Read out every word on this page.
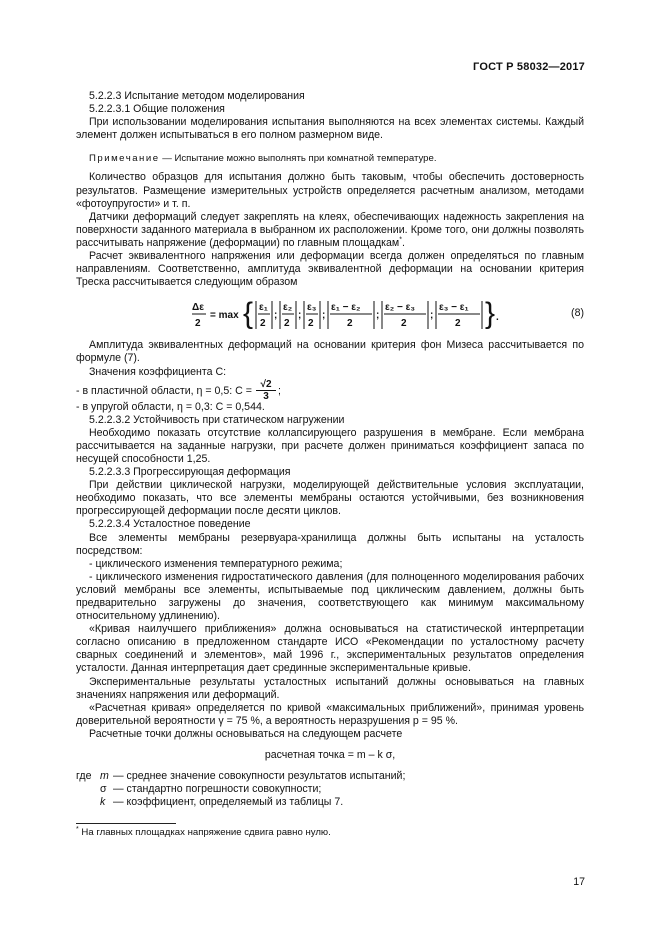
ГОСТ Р 58032—2017

5.2.2.3 Испытание методом моделирования

5.2.2.3.1 Общие положения

При использовании моделирования испытания выполняются на всех элементах системы. Каждый элемент должен испытываться в его полном размерном виде.

Примечание — Испытание можно выполнять при комнатной температуре.

Количество образцов для испытания должно быть таковым, чтобы обеспечить достоверность результатов. Размещение измерительных устройств определяется расчетным анализом, методами «фотоупругости» и т. п.

Датчики деформаций следует закреплять на клеях, обеспечивающих надежность закрепления на поверхности заданного материала в выбранном их расположении. Кроме того, они должны позволять рассчитывать напряжение (деформации) по главным площадкам*.

Расчет эквивалентного напряжения или деформации всегда должен определяться по главным направлениям. Соответственно, амплитуда эквивалентной деформации на основании критерия Треска рассчитывается следующим образом

Δε
2
= max { ε₁
2
;
ε₂
2
;
ε₃
2
;
ε₁ − ε₂
2
;
ε₂ − ε₃
2
;
ε₃ − ε₁
2 } .	(8)

Амплитуда эквивалентных деформаций на основании критерия фон Мизеса рассчитывается по формуле (7).

Значения коэффициента C:

- в пластичной области, η = 0,5: $C = \frac{√2}{3}$ ;

- в упругой области, η = 0,3: C = 0,544.

5.2.2.3.2 Устойчивость при статическом нагружении

Необходимо показать отсутствие коллапсирующего разрушения в мембране. Если мембрана рассчитывается на заданные нагрузки, при расчете должен приниматься коэффициент запаса по несущей способности 1,25.

5.2.2.3.3 Прогрессирующая деформация

При действии циклической нагрузки, моделирующей действительные условия эксплуатации, необходимо показать, что все элементы мембраны остаются устойчивыми, без возникновения прогрессирующей деформации после десяти циклов.

5.2.2.3.4 Усталостное поведение

Все элементы мембраны резервуара-хранилища должны быть испытаны на усталость посредством:

- циклического изменения температурного режима;

- циклического изменения гидростатического давления (для полноценного моделирования рабочих условий мембраны все элементы, испытываемые под циклическим давлением, должны быть предварительно загружены до значения, соответствующего как минимум максимальному относительному удлинению).

«Кривая наилучшего приближения» должна основываться на статистической интерпретации согласно описанию в предложенном стандарте ИСО «Рекомендации по усталостному расчету сварных соединений и элементов», май 1996 г., экспериментальных результатов определения усталости. Данная интерпретация дает срединные экспериментальные кривые.

Экспериментальные результаты усталостных испытаний должны основываться на главных значениях напряжения или деформаций.

«Расчетная кривая» определяется по кривой «максимальных приближений», принимая уровень доверительной вероятности γ = 75 %, а вероятность неразрушения p = 95 %.

Расчетные точки должны основываться на следующем расчете

расчетная точка = m – k σ,

где m — среднее значение совокупности результатов испытаний;
σ — стандартно погрешности совокупности;
k — коэффициент, определяемый из таблицы 7.
* На главных площадках напряжение сдвига равно нулю.
17
